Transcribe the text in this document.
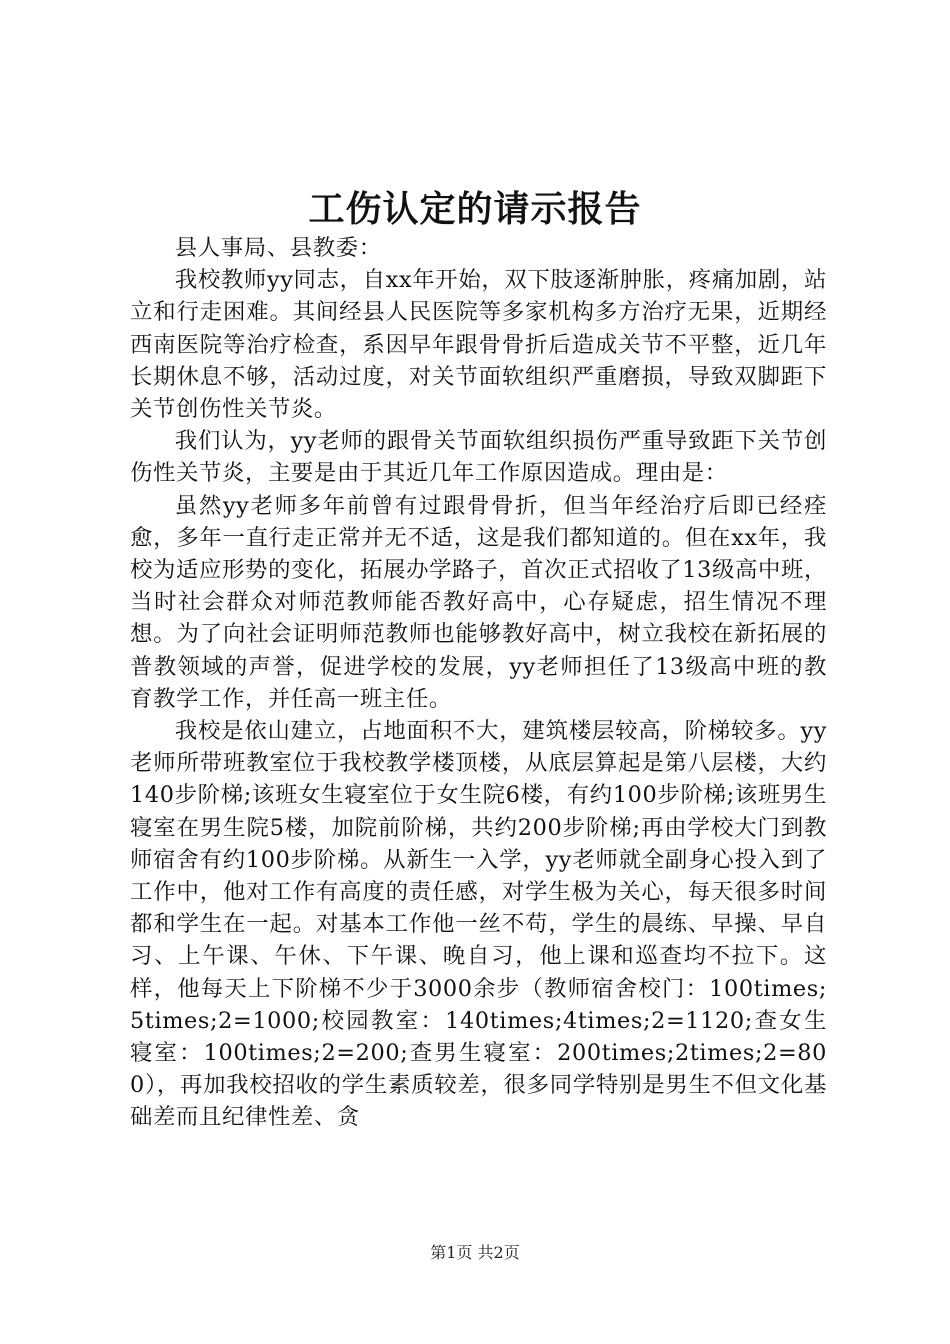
工伤认定的请示报告

县人事局、县教委：

我校教师yy同志，自xx年开始，双下肢逐渐肿胀，疼痛加剧，站立和行走困难。其间经县人民医院等多家机构多方治疗无果，近期经西南医院等治疗检查，系因早年跟骨骨折后造成关节不平整，近几年长期休息不够，活动过度，对关节面软组织严重磨损，导致双脚距下关节创伤性关节炎。

我们认为，yy老师的跟骨关节面软组织损伤严重导致距下关节创伤性关节炎，主要是由于其近几年工作原因造成。理由是：

虽然yy老师多年前曾有过跟骨骨折，但当年经治疗后即已经痊愈，多年一直行走正常并无不适，这是我们都知道的。但在xx年，我校为适应形势的变化，拓展办学路子，首次正式招收了13级高中班，当时社会群众对师范教师能否教好高中，心存疑虑，招生情况不理想。为了向社会证明师范教师也能够教好高中，树立我校在新拓展的普教领域的声誉，促进学校的发展，yy老师担任了13级高中班的教育教学工作，并任高一班主任。

我校是依山建立，占地面积不大，建筑楼层较高，阶梯较多。yy老师所带班教室位于我校教学楼顶楼，从底层算起是第八层楼，大约140步阶梯;该班女生寝室位于女生院6楼，有约100步阶梯;该班男生寝室在男生院5楼，加院前阶梯，共约200步阶梯;再由学校大门到教师宿舍有约100步阶梯。从新生一入学，yy老师就全副身心投入到了工作中，他对工作有高度的责任感，对学生极为关心，每天很多时间都和学生在一起。对基本工作他一丝不苟，学生的晨练、早操、早自习、上午课、午休、下午课、晚自习，他上课和巡查均不拉下。这样，他每天上下阶梯不少于3000余步（教师宿舍校门：100times;5times;2=1000;校园教室：140times;4times;2=1120;查女生寝室：100times;2=200;查男生寝室：200times;2times;2=800），再加我校招收的学生素质较差，很多同学特别是男生不但文化基础差而且纪律性差、贪

第1页 共2页
